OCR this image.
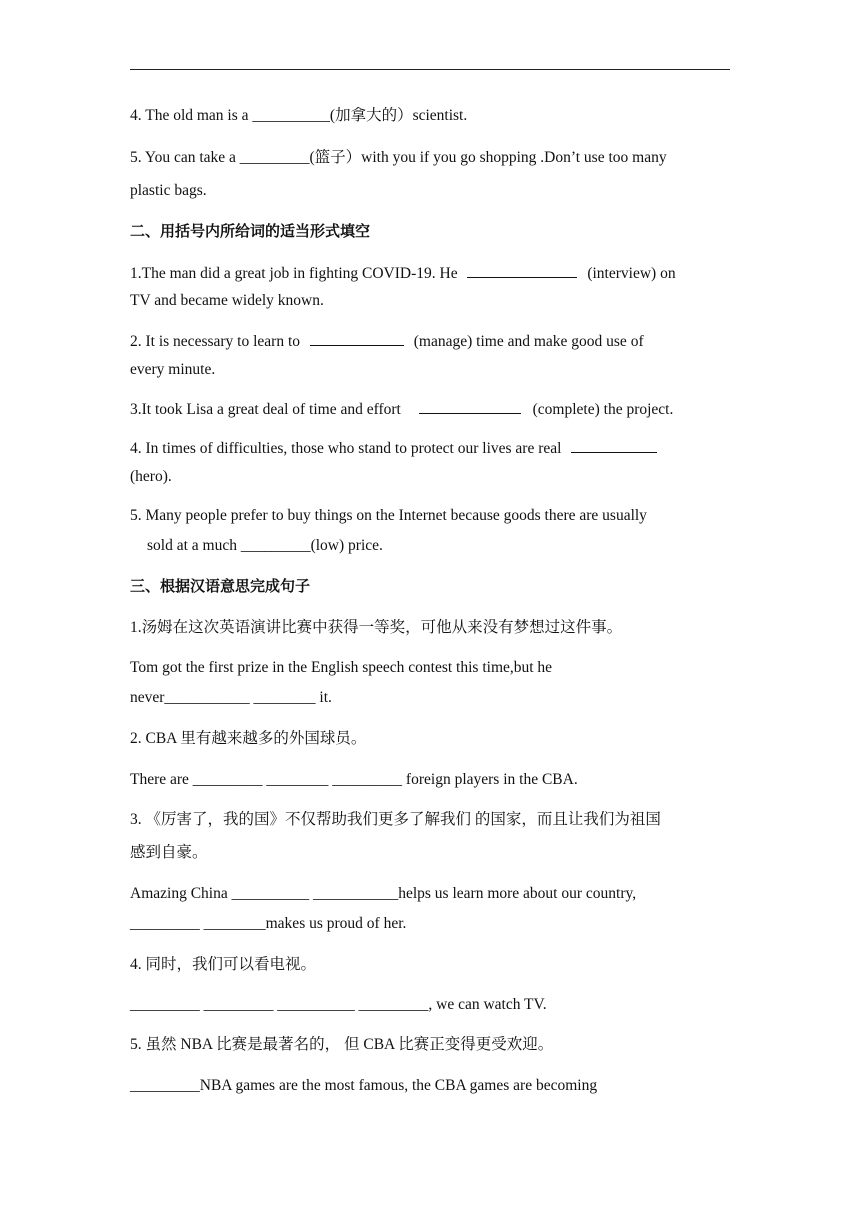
4. The old man is a __________(加拿大的）scientist.
5. You can take a _________(篮子）with you if you go shopping .Don’t use too many
plastic bags.
二、用括号内所给词的适当形式填空
1.The man did a great job in fighting COVID-19. He	(interview) on
TV and became widely known.
2. It is necessary to learn to	(manage) time and make good use of
every minute.
3.It took Lisa a great deal of time and effort	(complete) the project.
4. In times of difficulties, those who stand to protect our lives are real
(hero).
5. Many people prefer to buy things on the Internet because goods there are usually
sold at a much _________(low) price.
三、根据汉语意思完成句子
1.汤姆在这次英语演讲比赛中获得一等奖，可他从来没有梦想过这件事。
Tom got the first prize in the English speech contest this time,but he
never___________ ________ it.
2. CBA 里有越来越多的外国球员。
There are _________ ________ _________ foreign players in the CBA.
3. 《厉害了，我的国》不仅帮助我们更多了解我们 的国家，而且让我们为祖国
感到自豪。
Amazing China __________ ___________helps us learn more about our country,
_________ ________makes us proud of her.
4. 同时，我们可以看电视。
_________ _________ __________ _________, we can watch TV.
5. 虽然 NBA 比赛是最著名的， 但 CBA 比赛正变得更受欢迎。
_________NBA games are the most famous, the CBA games are becoming
